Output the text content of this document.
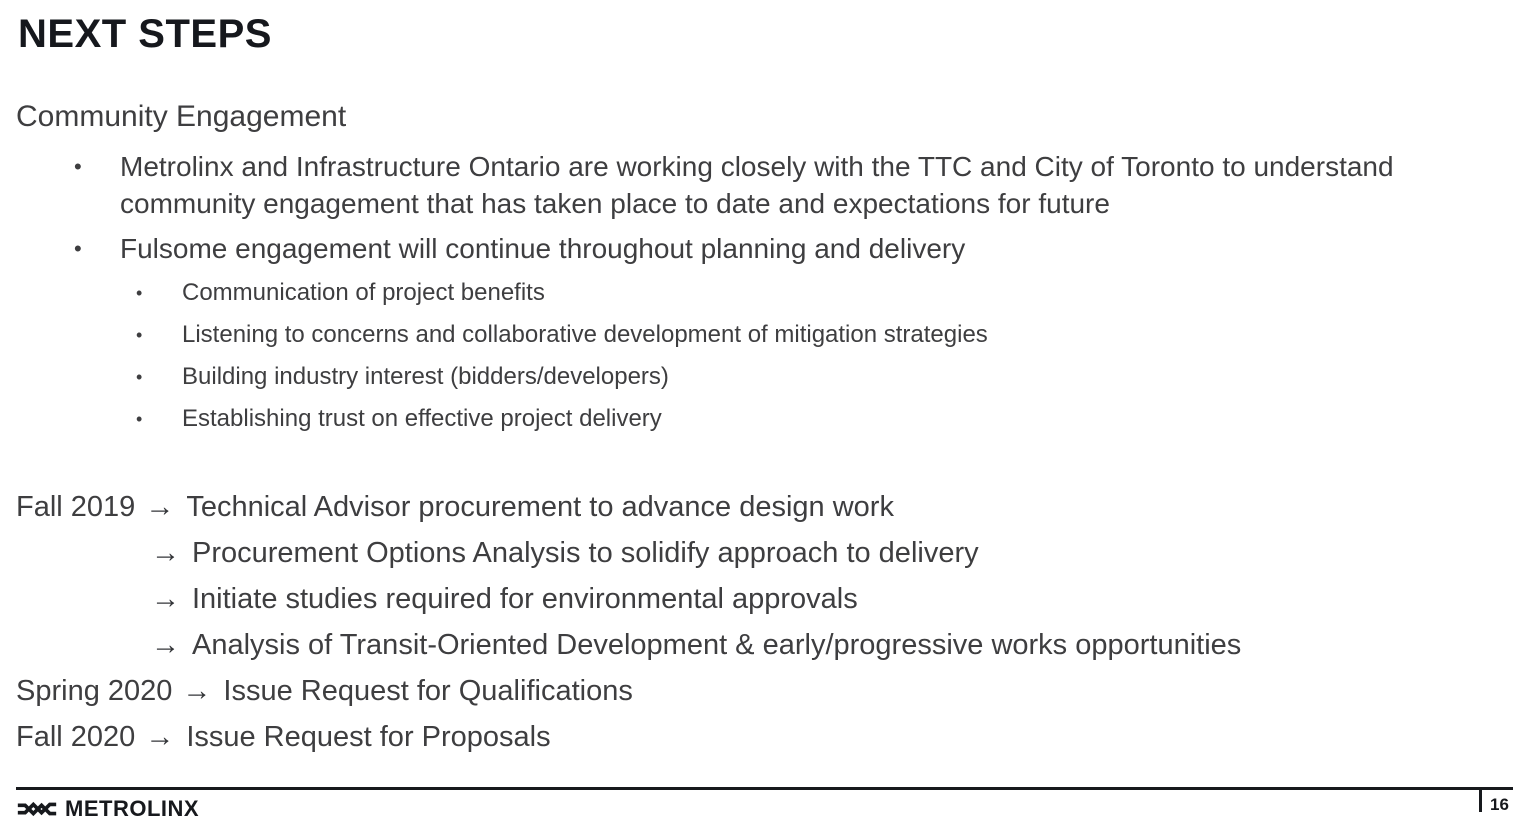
NEXT STEPS
Community Engagement
• Metrolinx and Infrastructure Ontario are working closely with the TTC and City of Toronto to understand community engagement that has taken place to date and expectations for future
• Fulsome engagement will continue throughout planning and delivery
• Communication of project benefits
• Listening to concerns and collaborative development of mitigation strategies
• Building industry interest (bidders/developers)
• Establishing trust on effective project delivery
Fall 2019 → Technical Advisor procurement to advance design work
→ Procurement Options Analysis to solidify approach to delivery
→ Initiate studies required for environmental approvals
→ Analysis of Transit-Oriented Development & early/progressive works opportunities
Spring 2020 → Issue Request for Qualifications
Fall 2020 → Issue Request for Proposals
METROLINX	16
